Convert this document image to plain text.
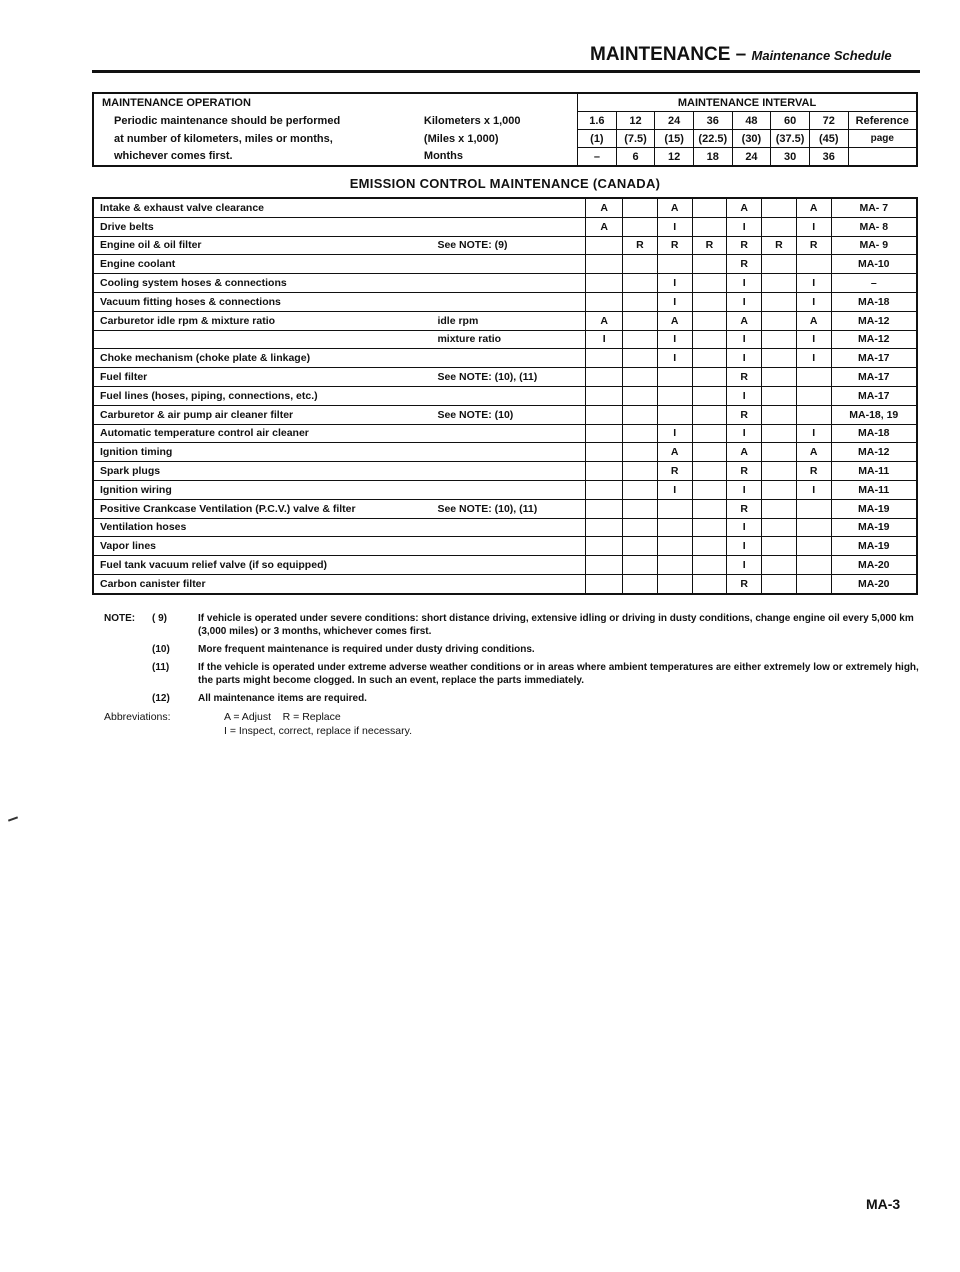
MAINTENANCE – Maintenance Schedule
MAINTENANCE OPERATION		MAINTENANCE INTERVAL							
Periodic maintenance should be performed	Kilometers x 1,000	1.6	12	24	36	48	60	72	Reference
at number of kilometers, miles or months,	(Miles x 1,000)	(1)	(7.5)	(15)	(22.5)	(30)	(37.5)	(45)	page
whichever comes first.	Months	–	6	12	18	24	30	36	
EMISSION CONTROL MAINTENANCE (CANADA)
Intake & exhaust valve clearance		A		A		A		A	MA- 7
Drive belts		A		I		I		I	MA- 8
Engine oil & oil filter	See NOTE: (9)		R	R	R	R	R	R	MA- 9
Engine coolant						R			MA-10
Cooling system hoses & connections				I		I		I	–
Vacuum fitting hoses & connections				I		I		I	MA-18
Carburetor idle rpm & mixture ratio	idle rpm	A		A		A		A	MA-12
	mixture ratio	I		I		I		I	MA-12
Choke mechanism (choke plate & linkage)				I		I		I	MA-17
Fuel filter	See NOTE: (10), (11)					R			MA-17
Fuel lines (hoses, piping, connections, etc.)						I			MA-17
Carburetor & air pump air cleaner filter	See NOTE: (10)					R			MA-18, 19
Automatic temperature control air cleaner				I		I		I	MA-18
Ignition timing				A		A		A	MA-12
Spark plugs				R		R		R	MA-11
Ignition wiring				I		I		I	MA-11
Positive Crankcase Ventilation (P.C.V.) valve & filter	See NOTE: (10), (11)					R			MA-19
Ventilation hoses						I			MA-19
Vapor lines						I			MA-19
Fuel tank vacuum relief valve (if so equipped)						I			MA-20
Carbon canister filter						R			MA-20
NOTE:	( 9)	If vehicle is operated under severe conditions: short distance driving, extensive idling or driving in dusty conditions, change engine oil every 5,000 km (3,000 miles) or 3 months, whichever comes first.
(10)	More frequent maintenance is required under dusty driving conditions.
(11)	If the vehicle is operated under extreme adverse weather conditions or in areas where ambient temperatures are either extremely low or extremely high, the parts might become clogged. In such an event, replace the parts immediately.
(12)	All maintenance items are required.
Abbreviations:	A = Adjust    R = Replace
I = Inspect, correct, replace if necessary.
MA-3
